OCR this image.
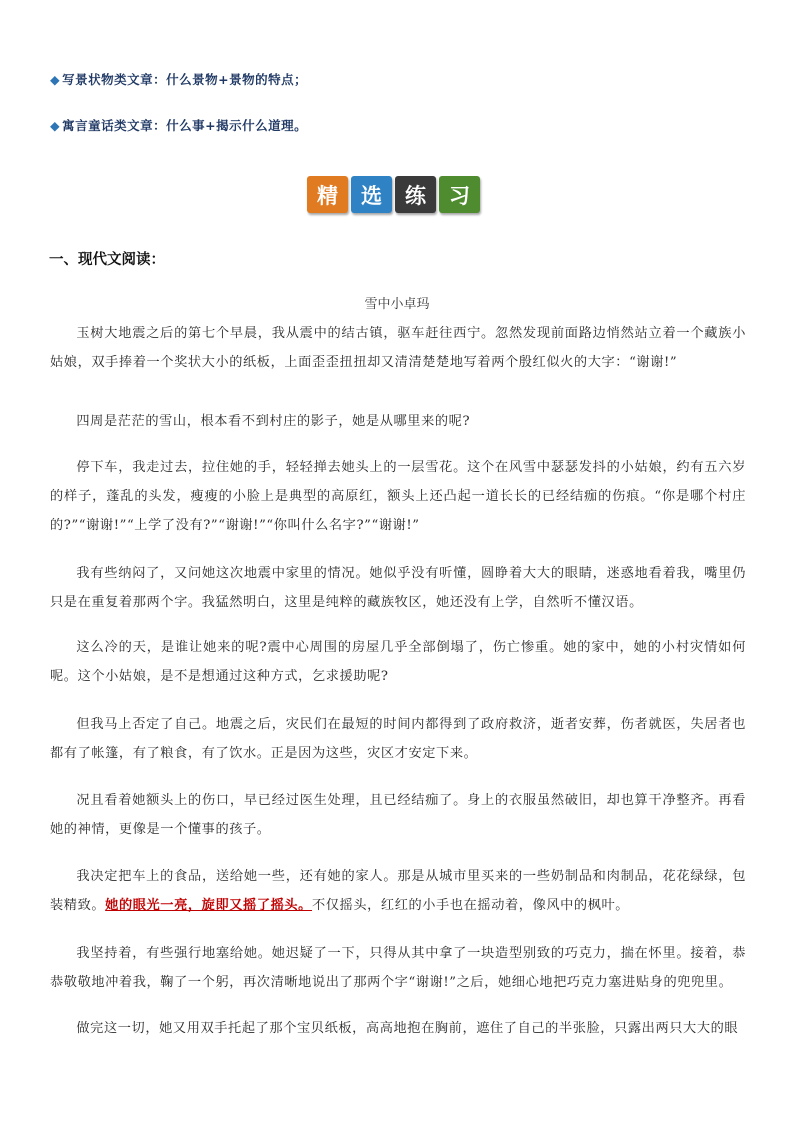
◆ 写景状物类文章：什么景物+景物的特点；
◆ 寓言童话类文章：什么事+揭示什么道理。
精	选	练	习
一、现代文阅读：
雪中小卓玛

玉树大地震之后的第七个早晨，我从震中的结古镇，驱车赶往西宁。忽然发现前面路边悄然站立着一个藏族小姑娘，双手捧着一个奖状大小的纸板，上面歪歪扭扭却又清清楚楚地写着两个殷红似火的大字：“谢谢!”

四周是茫茫的雪山，根本看不到村庄的影子，她是从哪里来的呢?

停下车，我走过去，拉住她的手，轻轻掸去她头上的一层雪花。这个在风雪中瑟瑟发抖的小姑娘，约有五六岁的样子，蓬乱的头发，瘦瘦的小脸上是典型的高原红，额头上还凸起一道长长的已经结痂的伤痕。“你是哪个村庄的?”“谢谢!”“上学了没有?”“谢谢!”“你叫什么名字?”“谢谢!”

我有些纳闷了，又问她这次地震中家里的情况。她似乎没有听懂，圆睁着大大的眼睛，迷惑地看着我，嘴里仍只是在重复着那两个字。我猛然明白，这里是纯粹的藏族牧区，她还没有上学，自然听不懂汉语。

这么冷的天，是谁让她来的呢?震中心周围的房屋几乎全部倒塌了，伤亡惨重。她的家中，她的小村灾情如何呢。这个小姑娘，是不是想通过这种方式，乞求援助呢?

但我马上否定了自己。地震之后，灾民们在最短的时间内都得到了政府救济，逝者安葬，伤者就医，失居者也都有了帐篷，有了粮食，有了饮水。正是因为这些，灾区才安定下来。

况且看着她额头上的伤口，早已经过医生处理，且已经结痂了。身上的衣服虽然破旧，却也算干净整齐。再看她的神情，更像是一个懂事的孩子。

我决定把车上的食品，送给她一些，还有她的家人。那是从城市里买来的一些奶制品和肉制品，花花绿绿，包装精致。她的眼光一亮，旋即又摇了摇头。不仅摇头，红红的小手也在摇动着，像风中的枫叶。

我坚持着，有些强行地塞给她。她迟疑了一下，只得从其中拿了一块造型别致的巧克力，揣在怀里。接着，恭恭敬敬地冲着我，鞠了一个躬，再次清晰地说出了那两个字“谢谢!”之后，她细心地把巧克力塞进贴身的兜兜里。

做完这一切，她又用双手托起了那个宝贝纸板，高高地抱在胸前，遮住了自己的半张脸，只露出两只大大的眼
